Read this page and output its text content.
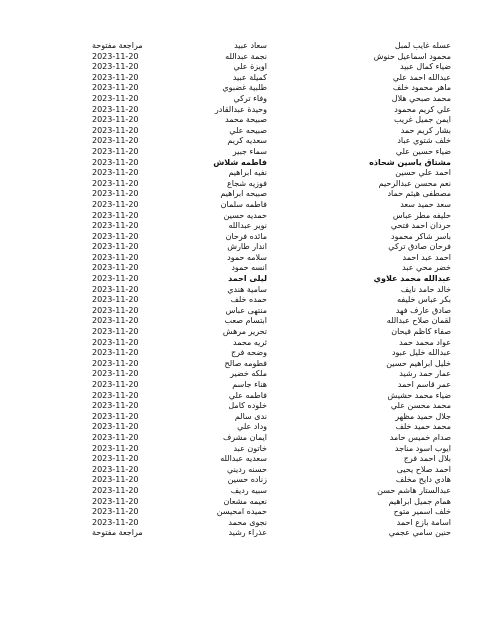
عسله غايب لمبل
سعاد عبيد
مراجعة مفتوحة
محمود اسماعيل حنوش
نجمة عبدالله
2023-11-20
ضياء كمال عبيد
اويزة علي
2023-11-20
عبدالله احمد علي
كميلة عبيد
2023-11-20
ماهر محمود خلف
طلبية غضبوي
2023-11-20
محمد صبحي هلال
وفاء تركي
2023-11-20
علي كريم محمود
وحيدة عبدالقادر
2023-11-20
ايمن جميل غريب
صبيحة محمد
2023-11-20
بشار كريم حمد
صبيحه علي
2023-11-20
خلف شتوي عباد
سعديه كريم
2023-11-20
ضياء حسين علي
سماء جبير
2023-11-20
مشتاق ياسين شحاذه
فاطمه شلاش
2023-11-20
احمد علي حسين
نفيه ابراهيم
2023-11-20
نعم محسن عبدالرحيم
فوزيه شجاع
2023-11-20
مصطفى هيثم حماد
صبيحه ابراهيم
2023-11-20
سعد حميد سعد
فاطمه سلمان
2023-11-20
حليفه مطر عباس
حمديه حسين
2023-11-20
حردان احمد فتحي
نوير عبدالله
2023-11-20
باسر شاكر محمود
مائده فرحان
2023-11-20
فرحان صادق تركي
اندار طارش
2023-11-20
احمد عبد احمد
سلامه حمود
2023-11-20
خضر محي عبد
انسه حمود
2023-11-20
عبدالله محمد علاوي
ليلى احمد
2023-11-20
خالد حامد نايف
سامية هندي
2023-11-20
بكر عباس خليفه
حمده خلف
2023-11-20
صادق عارف فهد
منتهى عباس
2023-11-20
لقمان صلاح عبدالله
ابتسام صعب
2023-11-20
صفاء كاظم فيحان
تحرير مرهش
2023-11-20
عواد محمد حمد
ثريه محمد
2023-11-20
عبدالله خليل عبود
وضحه فرج
2023-11-20
خليل ابراهيم حسين
فطومه صالح
2023-11-20
عمار حمد رشيد
ملكه خضير
2023-11-20
عمر قاسم احمد
هناء جاسم
2023-11-20
ضياء محمد حشيش
فاطمه علي
2023-11-20
محمد محسن علي
خلوده كامل
2023-11-20
جلال حميد مظهر
ندى سالم
2023-11-20
محمد حميد خلف
وداد علي
2023-11-20
صدام خميس حامد
ايمان مشرف
2023-11-20
ايوب اسود مناجد
خاتون عبد
2023-11-20
بلال احمد فرج
سعديه عبدالله
2023-11-20
احمد صلاح يحيى
حسنه رديني
2023-11-20
هادي دايح مخلف
زناده حسين
2023-11-20
عبدالستار هاشم حسن
سبيه رديف
2023-11-20
همام جميل ابراهيم
نعيمه مشعان
2023-11-20
خلف اسمير متوح
حميده امحيسن
2023-11-20
اسامة بازع احمد
نجوى محمد
2023-11-20
حنين سامي عجمي
عذراء رشيد
مراجعة مفتوحة
